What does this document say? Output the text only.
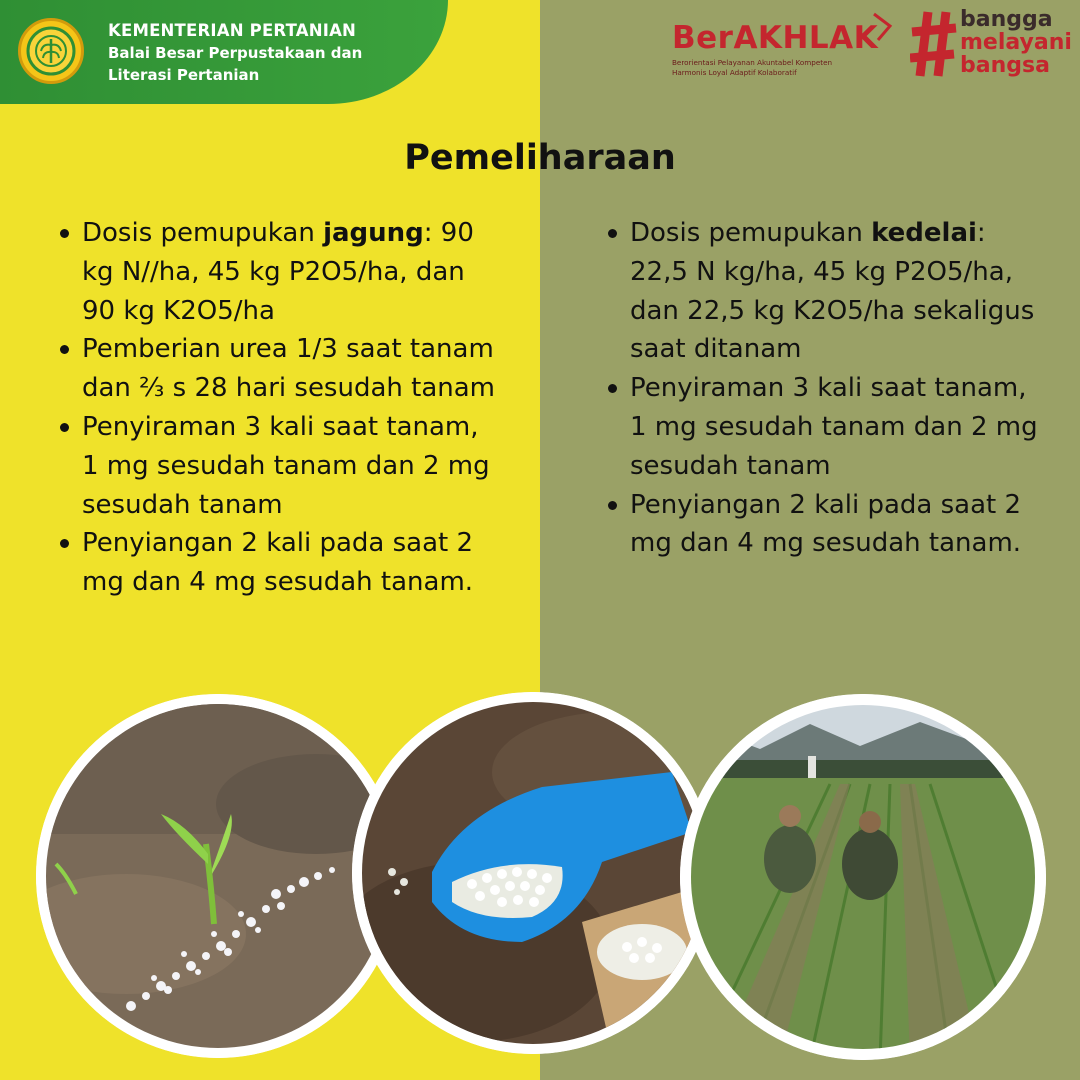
KEMENTERIAN PERTANIAN
Balai Besar Perpustakaan dan
Literasi Pertanian
BerAKHLAK
Berorientasi Pelayanan Akuntabel Kompeten
Harmonis Loyal Adaptif Kolaboratif
bangga
melayani
bangsa
Pemeliharaan
Dosis pemupukan jagung: 90 kg N//ha, 45 kg P2O5/ha, dan 90 kg K2O5/ha
Pemberian urea 1/3 saat tanam dan ⅔ s 28 hari sesudah tanam
Penyiraman 3 kali saat tanam, 1 mg sesudah tanam dan 2 mg sesudah tanam
Penyiangan 2 kali pada saat 2 mg dan 4 mg sesudah tanam.
Dosis pemupukan kedelai: 22,5 N kg/ha, 45 kg P2O5/ha, dan 22,5 kg K2O5/ha sekaligus saat ditanam
Penyiraman 3 kali saat tanam, 1 mg sesudah tanam dan 2 mg sesudah tanam
Penyiangan 2 kali pada saat 2 mg dan 4 mg sesudah tanam.
